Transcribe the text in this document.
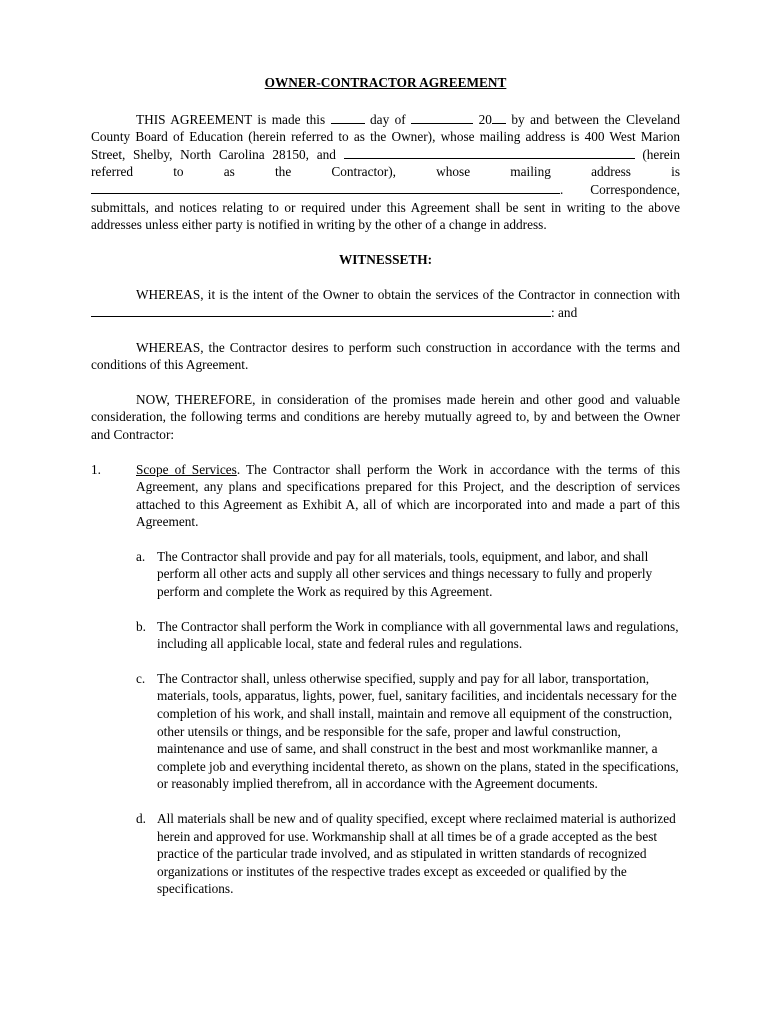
OWNER-CONTRACTOR AGREEMENT

THIS AGREEMENT is made this	day of	20 by and between the Cleveland County Board of Education (herein referred to as the Owner), whose mailing address is 400 West Marion Street, Shelby, North Carolina 28150, and	(herein referred to as the Contractor), whose mailing address is . Correspondence, submittals, and notices relating to or required under this Agreement shall be sent in writing to the above addresses unless either party is notified in writing by the other of a change in address.

WITNESSETH:

WHEREAS, it is the intent of the Owner to obtain the services of the Contractor in connection with : and

WHEREAS, the Contractor desires to perform such construction in accordance with the terms and conditions of this Agreement.

NOW, THEREFORE, in consideration of the promises made herein and other good and valuable consideration, the following terms and conditions are hereby mutually agreed to, by and between the Owner and Contractor:

1.	Scope of Services. The Contractor shall perform the Work in accordance with the terms of this Agreement, any plans and specifications prepared for this Project, and the description of services attached to this Agreement as Exhibit A, all of which are incorporated into and made a part of this Agreement.
a. The Contractor shall provide and pay for all materials, tools, equipment, and labor, and shall perform all other acts and supply all other services and things necessary to fully and properly perform and complete the Work as required by this Agreement.
b. The Contractor shall perform the Work in compliance with all governmental laws and regulations, including all applicable local, state and federal rules and regulations.
c. The Contractor shall, unless otherwise specified, supply and pay for all labor, transportation, materials, tools, apparatus, lights, power, fuel, sanitary facilities, and incidentals necessary for the completion of his work, and shall install, maintain and remove all equipment of the construction, other utensils or things, and be responsible for the safe, proper and lawful construction, maintenance and use of same, and shall construct in the best and most workmanlike manner, a complete job and everything incidental thereto, as shown on the plans, stated in the specifications, or reasonably implied therefrom, all in accordance with the Agreement documents.
d. All materials shall be new and of quality specified, except where reclaimed material is authorized herein and approved for use. Workmanship shall at all times be of a grade accepted as the best practice of the particular trade involved, and as stipulated in written standards of recognized organizations or institutes of the respective trades except as exceeded or qualified by the specifications.
